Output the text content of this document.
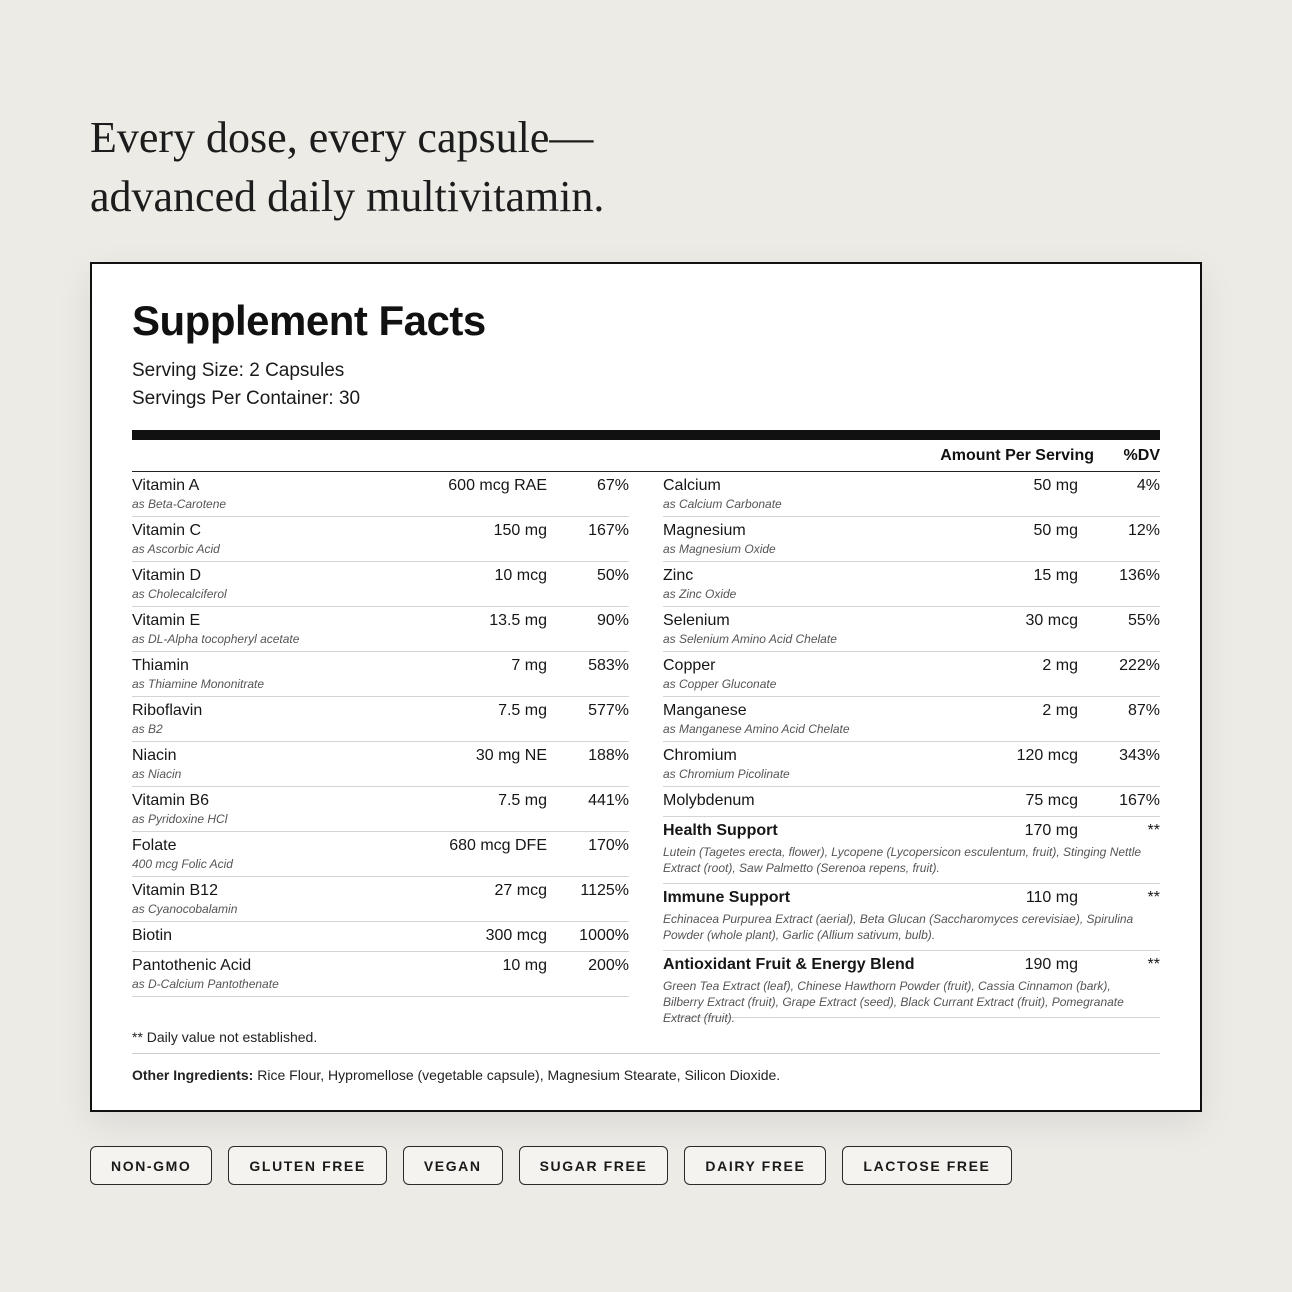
Every dose, every capsule—
advanced daily multivitamin.
Supplement Facts
Serving Size: 2 Capsules
Servings Per Container: 30
Amount Per Serving %DV
Vitamin A
as Beta-Carotene
600 mcg RAE	67%
Vitamin C
as Ascorbic Acid
150 mg	167%
Vitamin D
as Cholecalciferol
10 mcg	50%
Vitamin E
as DL-Alpha tocopheryl acetate
13.5 mg	90%
Thiamin
as Thiamine Mononitrate
7 mg	583%
Riboflavin
as B2
7.5 mg	577%
Niacin
as Niacin
30 mg NE	188%
Vitamin B6
as Pyridoxine HCl
7.5 mg	441%
Folate
400 mcg Folic Acid
680 mcg DFE	170%
Vitamin B12
as Cyanocobalamin
27 mcg 1125%
Biotin	300 mcg 1000%
Pantothenic Acid
as D-Calcium Pantothenate
10 mg	200%
Calcium
as Calcium Carbonate
50 mg	4%
Magnesium
as Magnesium Oxide
50 mg	12%
Zinc
as Zinc Oxide
15 mg	136%
Selenium
as Selenium Amino Acid Chelate
30 mcg	55%
Copper
as Copper Gluconate
2 mg	222%
Manganese
as Manganese Amino Acid Chelate
2 mg	87%
Chromium
as Chromium Picolinate
120 mcg	343%
Molybdenum	75 mcg	167%
Health Support	170 mg	**
Lutein (Tagetes erecta, flower), Lycopene (Lycopersicon esculentum, fruit), Stinging Nettle Extract (root), Saw Palmetto (Serenoa repens, fruit).
Immune Support	110 mg	**
Echinacea Purpurea Extract (aerial), Beta Glucan (Saccharomyces cerevisiae), Spirulina Powder (whole plant), Garlic (Allium sativum, bulb).
Antioxidant Fruit & Energy Blend	190 mg	**
Green Tea Extract (leaf), Chinese Hawthorn Powder (fruit), Cassia Cinnamon (bark), Bilberry Extract (fruit), Grape Extract (seed), Black Currant Extract (fruit), Pomegranate Extract (fruit).
** Daily value not established.
Other Ingredients: Rice Flour, Hypromellose (vegetable capsule), Magnesium Stearate, Silicon Dioxide.
NON-GMO	GLUTEN FREE	VEGAN	SUGAR FREE	DAIRY FREE	LACTOSE FREE
